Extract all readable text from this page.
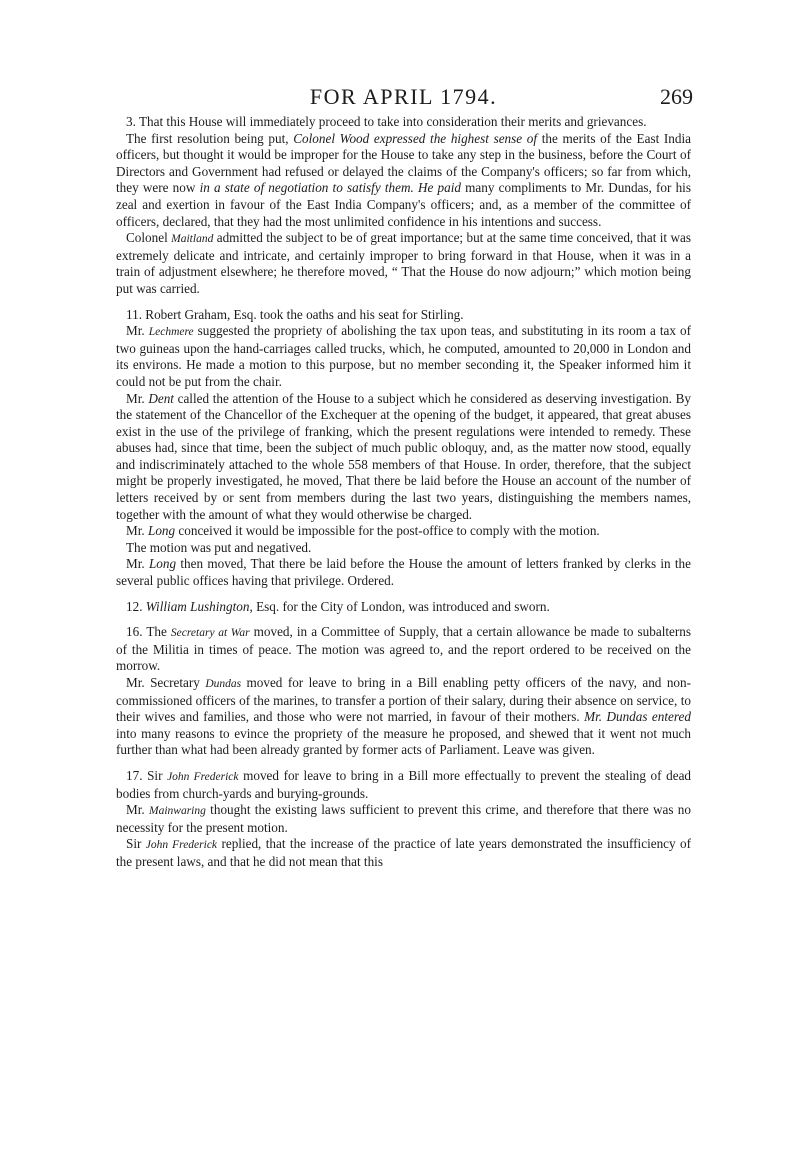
FOR APRIL 1794.	269

3. That this House will immediately proceed to take into consideration their merits and grievances.

The first resolution being put, Colonel Wood expressed the highest sense of the merits of the East India officers, but thought it would be improper for the House to take any step in the business, before the Court of Directors and Government had refused or delayed the claims of the Company's officers; so far from which, they were now in a state of negotiation to satisfy them. He paid many compliments to Mr. Dundas, for his zeal and exertion in favour of the East India Company's officers; and, as a member of the committee of officers, declared, that they had the most unlimited confidence in his intentions and success.

Colonel Maitland admitted the subject to be of great importance; but at the same time conceived, that it was extremely delicate and intricate, and certainly improper to bring forward in that House, when it was in a train of adjustment elsewhere; he therefore moved, “ That the House do now adjourn;” which motion being put was carried.

11. Robert Graham, Esq. took the oaths and his seat for Stirling.

Mr. Lechmere suggested the propriety of abolishing the tax upon teas, and substituting in its room a tax of two guineas upon the hand-carriages called trucks, which, he computed, amounted to 20,000 in London and its environs. He made a motion to this purpose, but no member seconding it, the Speaker informed him it could not be put from the chair.

Mr. Dent called the attention of the House to a subject which he considered as deserving investigation. By the statement of the Chancellor of the Exchequer at the opening of the budget, it appeared, that great abuses exist in the use of the privilege of franking, which the present regulations were intended to remedy. These abuses had, since that time, been the subject of much public obloquy, and, as the matter now stood, equally and indiscriminately attached to the whole 558 members of that House. In order, therefore, that the subject might be properly investigated, he moved, That there be laid before the House an account of the number of letters received by or sent from members during the last two years, distinguishing the members names, together with the amount of what they would otherwise be charged.

Mr. Long conceived it would be impossible for the post-office to comply with the motion.

The motion was put and negatived.

Mr. Long then moved, That there be laid before the House the amount of letters franked by clerks in the several public offices having that privilege. Ordered.

12. William Lushington, Esq. for the City of London, was introduced and sworn.

16. The Secretary at War moved, in a Committee of Supply, that a certain allowance be made to subalterns of the Militia in times of peace. The motion was agreed to, and the report ordered to be received on the morrow.

Mr. Secretary Dundas moved for leave to bring in a Bill enabling petty officers of the navy, and non-commissioned officers of the marines, to transfer a portion of their salary, during their absence on service, to their wives and families, and those who were not married, in favour of their mothers. Mr. Dundas entered into many reasons to evince the propriety of the measure he proposed, and shewed that it went not much further than what had been already granted by former acts of Parliament. Leave was given.

17. Sir John Frederick moved for leave to bring in a Bill more effectually to prevent the stealing of dead bodies from church-yards and burying-grounds.

Mr. Mainwaring thought the existing laws sufficient to prevent this crime, and therefore that there was no necessity for the present motion.

Sir John Frederick replied, that the increase of the practice of late years demonstrated the insufficiency of the present laws, and that he did not mean that this
